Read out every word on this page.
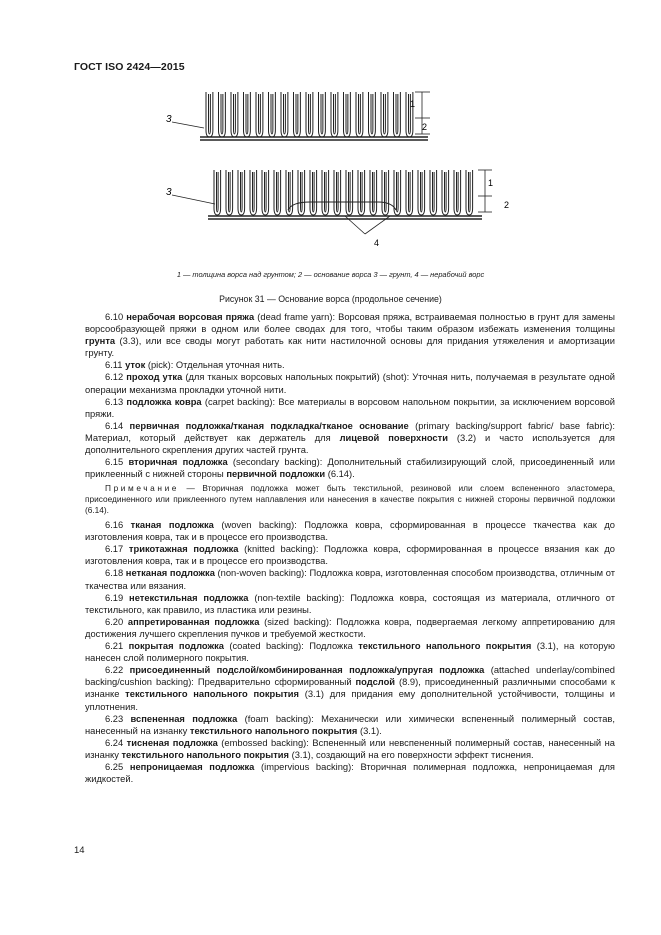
ГОСТ ISO 2424—2015
1
2
3
1
2
3
4
1 — толщина ворса над грунтом; 2 — основание ворса 3 — грунт, 4 — нерабочий ворс
Рисунок 31 — Основание ворса (продольное сечение)

6.10 нерабочая ворсовая пряжа (dead frame yarn): Ворсовая пряжа, встраиваемая полностью в грунт для замены ворсообразующей пряжи в одном или более сводах для того, чтобы таким образом избежать изменения толщины грунта (3.3), или все своды могут работать как нити настилочной основы для придания утяжеления и амортизации грунту.

6.11 уток (pick): Отдельная уточная нить.

6.12 проход утка (для тканых ворсовых напольных покрытий) (shot): Уточная нить, получаемая в результате одной операции механизма прокладки уточной нити.

6.13 подложка ковра (carpet backing): Все материалы в ворсовом напольном покрытии, за исключением ворсовой пряжи.

6.14 первичная подложка/тканая подкладка/тканое основание (primary backing/support fabric/ base fabric): Материал, который действует как держатель для лицевой поверхности (3.2) и часто используется для дополнительного скрепления других частей грунта.

6.15 вторичная подложка (secondary backing): Дополнительный стабилизирующий слой, присоединенный или приклеенный с нижней стороны первичной подложки (6.14).

Примечание — Вторичная подложка может быть текстильной, резиновой или слоем вспененного эластомера, присоединенного или приклеенного путем наплавления или нанесения в качестве покрытия с нижней стороны первичной подложки (6.14).

6.16 тканая подложка (woven backing): Подложка ковра, сформированная в процессе ткачества как до изготовления ковра, так и в процессе его производства.

6.17 трикотажная подложка (knitted backing): Подложка ковра, сформированная в процессе вязания как до изготовления ковра, так и в процессе его производства.

6.18 нетканая подложка (non-woven backing): Подложка ковра, изготовленная способом производства, отличным от ткачества или вязания.

6.19 нетекстильная подложка (non-textile backing): Подложка ковра, состоящая из материала, отличного от текстильного, как правило, из пластика или резины.

6.20 аппретированная подложка (sized backing): Подложка ковра, подвергаемая легкому аппретированию для достижения лучшего скрепления пучков и требуемой жесткости.

6.21 покрытая подложка (coated backing): Подложка текстильного напольного покрытия (3.1), на которую нанесен слой полимерного покрытия.

6.22 присоединенный подслой/комбинированная подложка/упругая подложка (attached underlay/combined backing/cushion backing): Предварительно сформированный подслой (8.9), присоединенный различными способами к изнанке текстильного напольного покрытия (3.1) для придания ему дополнительной устойчивости, толщины и уплотнения.

6.23 вспененная подложка (foam backing): Механически или химически вспененный полимерный состав, нанесенный на изнанку текстильного напольного покрытия (3.1).

6.24 тисненая подложка (embossed backing): Вспененный или невспененный полимерный состав, нанесенный на изнанку текстильного напольного покрытия (3.1), создающий на его поверхности эффект тиснения.

6.25 непроницаемая подложка (impervious backing): Вторичная полимерная подложка, непроницаемая для жидкостей.

14
